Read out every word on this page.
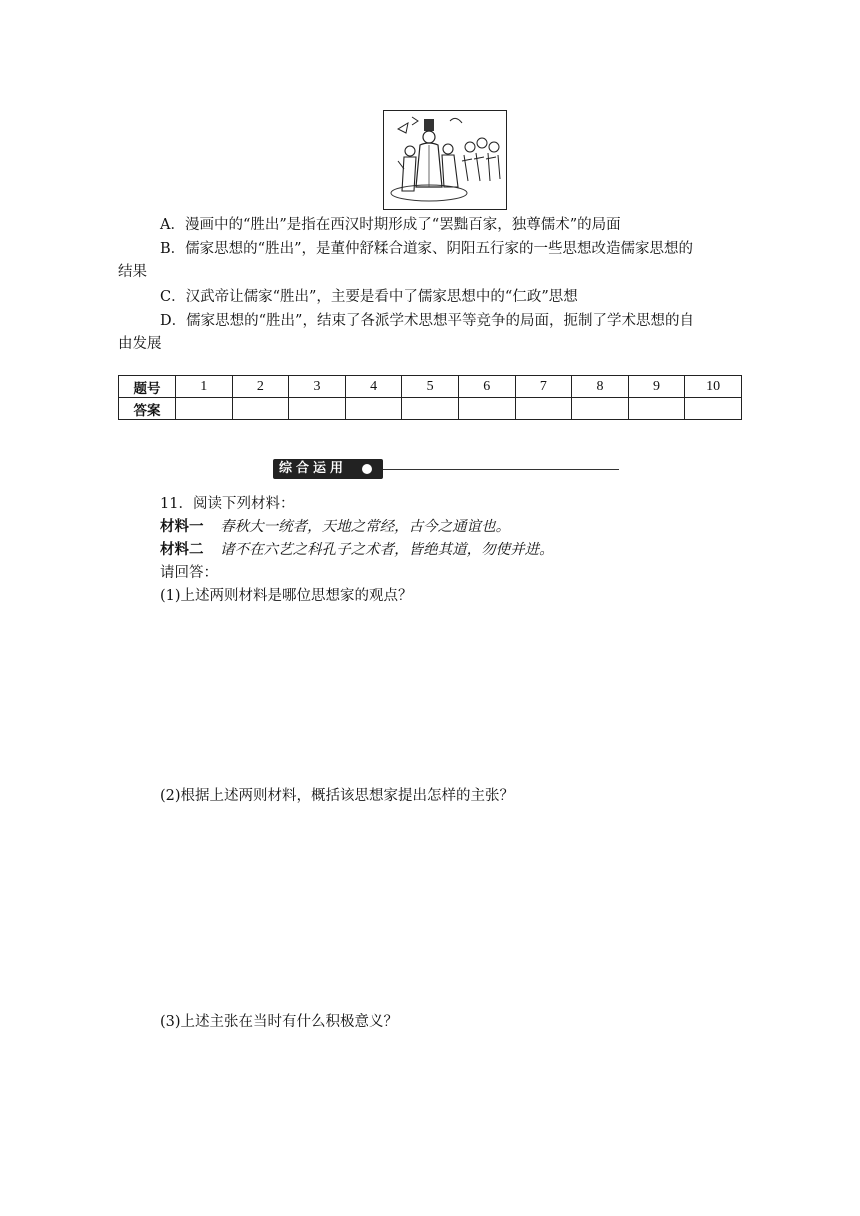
A．漫画中的“胜出”是指在西汉时期形成了“罢黜百家，独尊儒术”的局面
B．儒家思想的“胜出”，是董仲舒糅合道家、阴阳五行家的一些思想改造儒家思想的
结果
C．汉武帝让儒家“胜出”，主要是看中了儒家思想中的“仁政”思想
D．儒家思想的“胜出”，结束了各派学术思想平等竞争的局面，扼制了学术思想的自
由发展
题号	1	2	3	4	5	6	7	8	9	10
答案										
综合运用
11．阅读下列材料：
材料一 春秋大一统者，天地之常经，古今之通谊也。
材料二 诸不在六艺之科孔子之术者，皆绝其道，勿使并进。
请回答：
(1)上述两则材料是哪位思想家的观点？
(2)根据上述两则材料，概括该思想家提出怎样的主张？
(3)上述主张在当时有什么积极意义？
